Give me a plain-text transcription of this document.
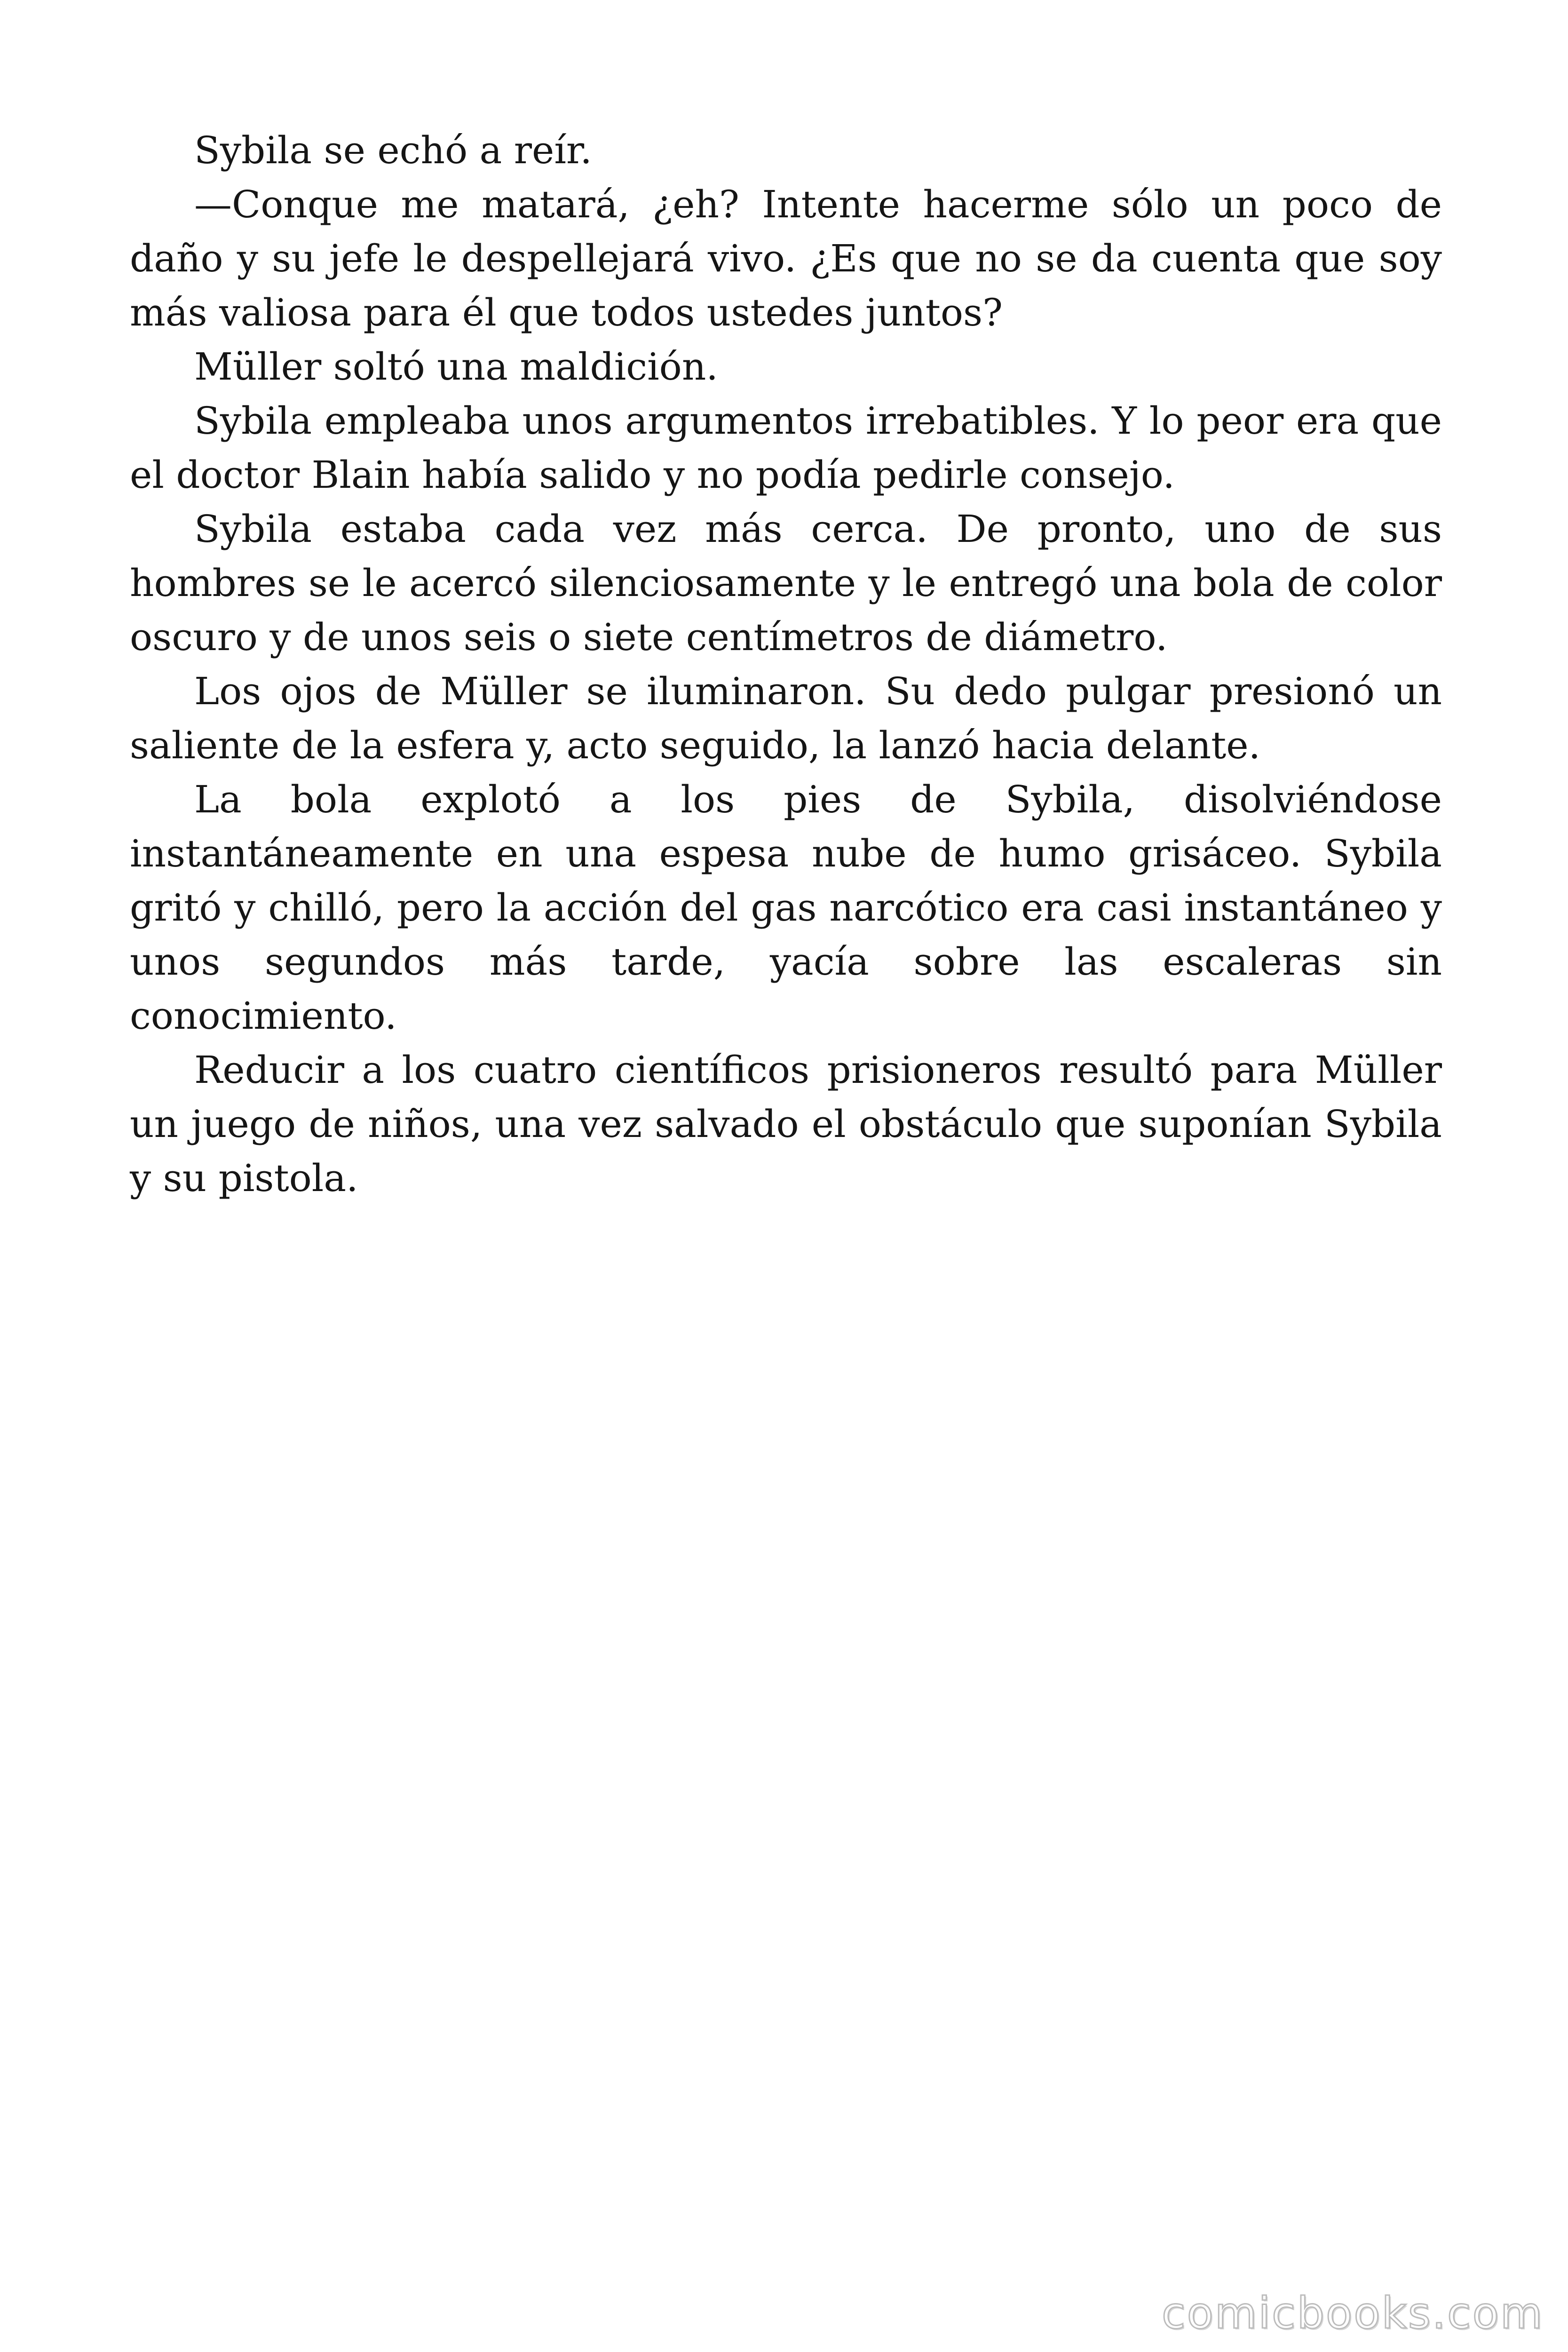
Sybila se echó a reír.

—Conque me matará, ¿eh? Intente hacerme sólo un poco de daño y su jefe le despellejará vivo. ¿Es que no se da cuenta que soy más valiosa para él que todos ustedes juntos?

Müller soltó una maldición.

Sybila empleaba unos argumentos irrebatibles. Y lo peor era que el doctor Blain había salido y no podía pedirle consejo.

Sybila estaba cada vez más cerca. De pronto, uno de sus hombres se le acercó silenciosamente y le entregó una bola de color oscuro y de unos seis o siete centímetros de diámetro.

Los ojos de Müller se iluminaron. Su dedo pulgar presionó un saliente de la esfera y, acto seguido, la lanzó hacia delante.

La bola explotó a los pies de Sybila, disolviéndose instantáneamente en una espesa nube de humo grisáceo. Sybila gritó y chilló, pero la acción del gas narcótico era casi instantáneo y unos segundos más tarde, yacía sobre las escaleras sin conocimiento.

Reducir a los cuatro científicos prisioneros resultó para Müller un juego de niños, una vez salvado el obstáculo que suponían Sybila y su pistola.

comicbooks.com
